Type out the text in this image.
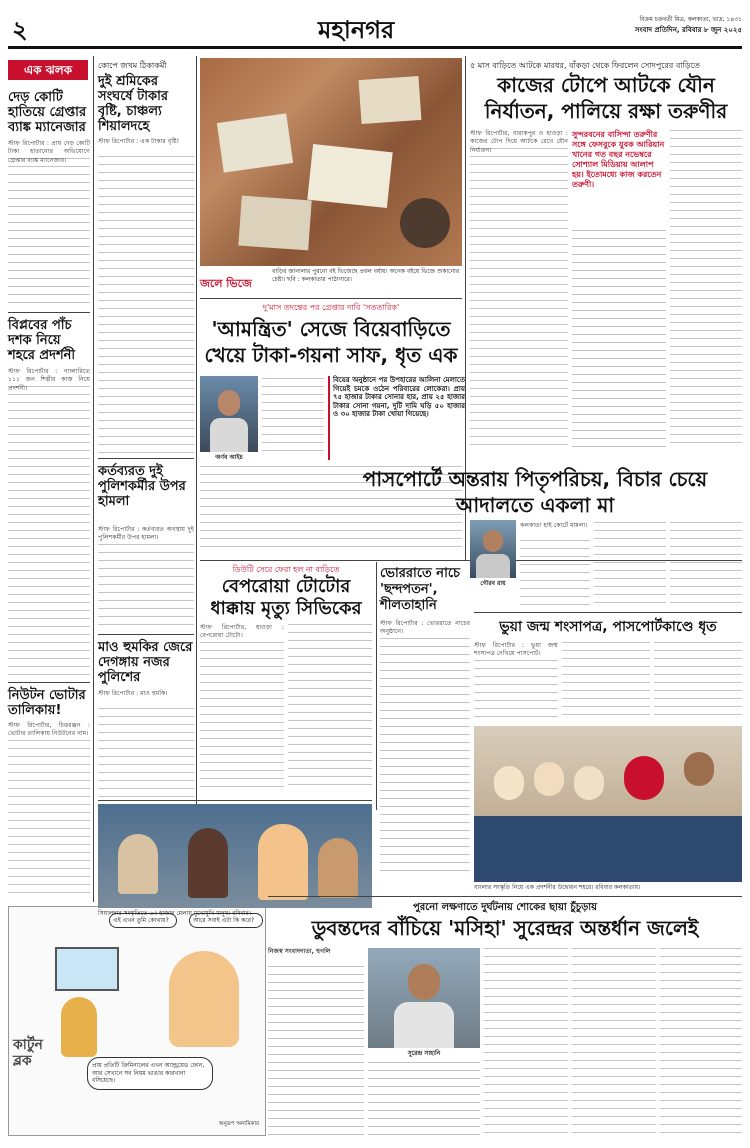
২	মহানগর	বিক্রম চক্রবর্তী মিত্র, কলকাতা, ভাদ্র, ১৪৩১
সংবাদ প্রতিদিন, রবিবার ৮ জুন ২০২৫
এক ঝলক
দেড় কোটি হাতিয়ে গ্রেপ্তার ব্যাঙ্ক ম্যানেজার
স্টাফ রিপোর্টার : প্রায় দেড় কোটি টাকা হাতানোর অভিযোগে গ্রেপ্তার ব্যাঙ্ক ম্যানেজার।
বিপ্লবের পাঁচ দশক নিয়ে শহরে প্রদর্শনী
স্টাফ রিপোর্টার : গ্যালারিতে ১১১ জন শিল্পীর কাজ নিয়ে প্রদর্শনী।
নিউটন ভোটার তালিকায়!
স্টাফ রিপোর্টার, চিত্তরঞ্জন : ভোটার তালিকায় নিউটনের নাম।
কার্টুন ব্লক
এই এখন তুমি কোথায়?	আরে সবাই এটা কি করে?
প্রায় প্রতিটি ক্রিমিনালের এখন অ্যান্ড্রয়েড ফোন, আর সেখানে সব নিয়ম ভাঙার কারখানা বসিয়েছে।
অনুরূপ অনামিকার
কোপে জখম ঠিকাকর্মী
দুই শ্রমিকের সংঘর্ষে টাকার বৃষ্টি, চাঞ্চল্য শিয়ালদহে
স্টাফ রিপোর্টার : এক টাকার বৃষ্টি!
কর্তব্যরত দুই পুলিশকর্মীর উপর হামলা
স্টাফ রিপোর্টার : কর্তব্যরত অবস্থায় দুই পুলিশকর্মীর উপর হামলা।
মাও হুমকির জেরে দেগঙ্গায় নজর পুলিশের
স্টাফ রিপোর্টার : মাও হুমকি।
জলে ভিজে
বাড়ির জানালার পুরনো বই ভিজেছে প্রবল বর্ষায়। অনেক বইয়ে ভিজে শুকানোর চেষ্টা। ছবি : কলকাতার পাঠাগারে।
দু'মাস তদন্তের পর গ্রেপ্তার দাবি 'সততারিক'
'আমন্ত্রিত' সেজে বিয়েবাড়িতে খেয়ে টাকা-গয়না সাফ, ধৃত এক
অর্ণব আইচ
বিয়ের অনুষ্ঠানে পর উপহারের আলিনা মেলাতে গিয়েই চমকে ওঠেন পরিবারের লোকেরা। প্রায় ৭৫ হাজার টাকার সোনার হার, প্রায় ২৫ হাজার টাকার সোনা গয়না, দুটি দামি ঘড়ি ৫০ হাজার ও ৩০ হাজার টাকা খোয়া গিয়েছে।
৫ মাস বাড়িতে আটকে মারধর, বাঁকড়া থেকে ফিরলেন সোদপুরের বাড়িতে
কাজের টোপে আটকে যৌন নির্যাতন, পালিয়ে রক্ষা তরুণীর
স্টাফ রিপোর্টার, বারাকপুর ও হাওড়া : কাজের টোপ দিয়ে আটকে রেখে যৌন নির্যাতন।
সুন্দরবনের বাসিন্দা তরুণীর সঙ্গে ফেসবুকে যুবক আরিয়ান খানের গত বছর নভেম্বরে সোশ্যাল মিডিয়ায় আলাপ হয়। ইতোমধ্যে কাজ করতেন তরুণী।
পাসপোর্টে অন্তরায় পিতৃপরিচয়, বিচার চেয়ে আদালতে একলা মা
গৌরব রায়
কলকাতা হাই কোর্টে মামলা।
ডিউটি সেরে ফেরা হল না বাড়িতে
বেপরোয়া টোটোর ধাক্কায় মৃত্যু সিভিকের
স্টাফ রিপোর্টার, হাওড়া : বেপরোয়া টোটো।
ভোররাতে নাচে 'ছন্দপতন', শীলতাহানি
স্টাফ রিপোর্টার : ভোররাতে নাচের অনুষ্ঠানে।	ভুয়া জন্ম শংসাপত্র, পাসপোর্টকাণ্ডে ধৃত
স্টাফ রিপোর্টার : ভুয়া জন্ম শংসাপত্র দেখিয়ে পাসপোর্ট।
বাংলার সংস্কৃতি নিয়ে এক প্রদর্শনীর উদ্বোধন শহরে। রবিবার কলকাতায়।
সিয়ালদার সংস্কৃতিতে ৬৩ হাজার মেলায় মুখোমুখি মানুষ। রবিবার।
পুরনো লক্ষণাতে দুর্ঘটনায় শোকের ছায়া চুঁচুড়ায়
ডুবন্তদের বাঁচিয়ে 'মসিহা' সুরেন্দ্রর অন্তর্ধান জলেই
নিজস্ব সংবাদদাতা, হুগলি
সুরেন্দ্র সাহানি
